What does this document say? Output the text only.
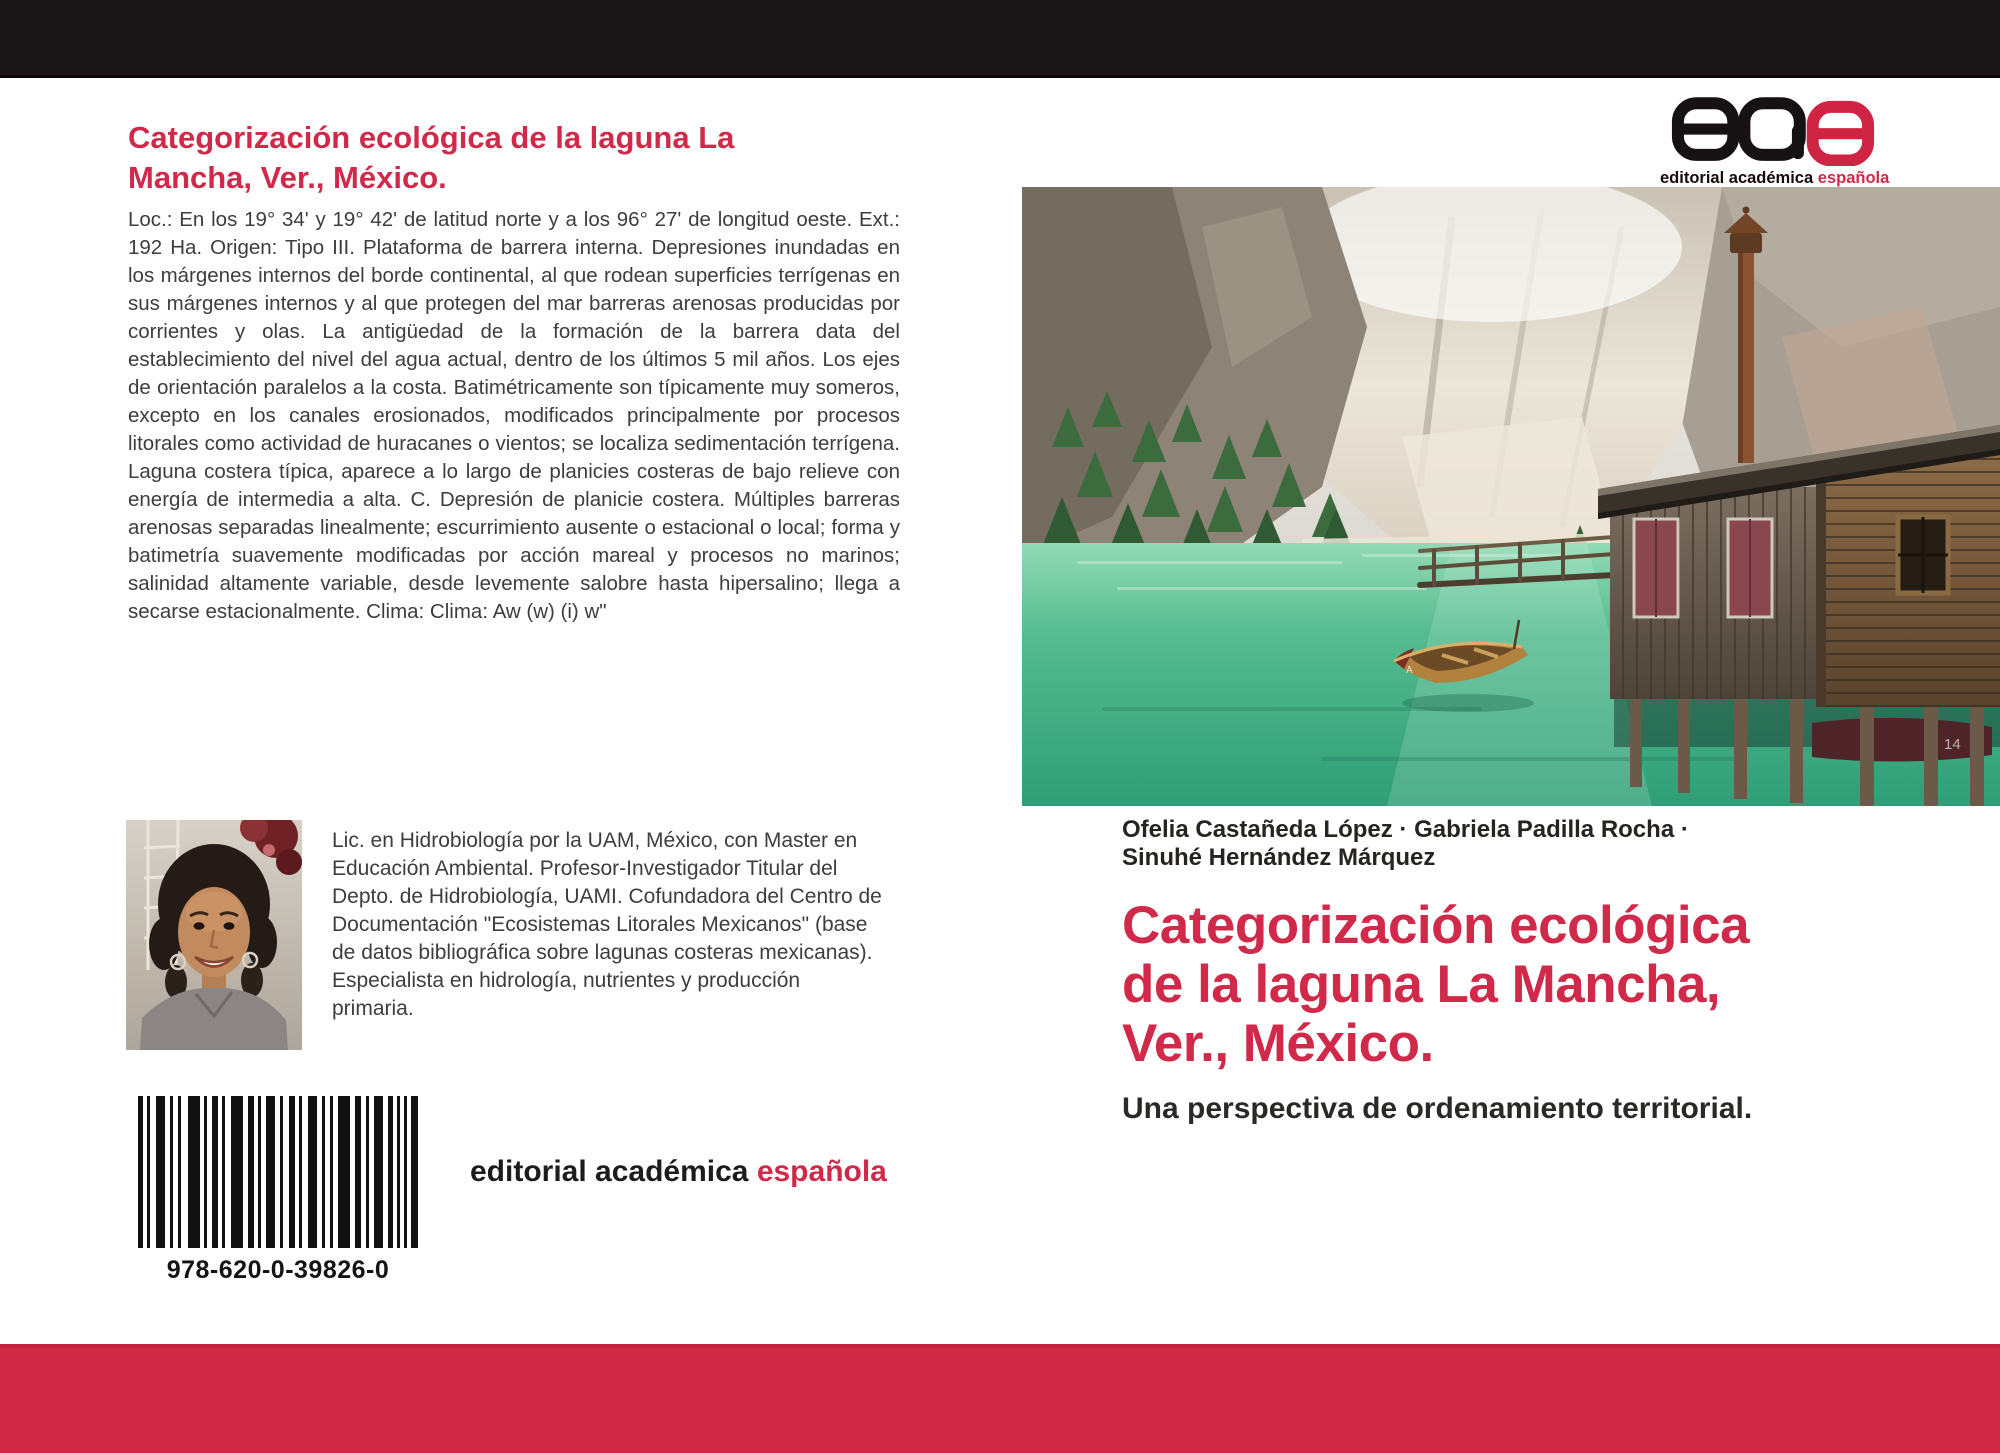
Categorización ecológica de la laguna La Mancha, Ver., México.
Loc.: En los 19° 34' y 19° 42' de latitud norte y a los 96° 27' de longitud oeste. Ext.: 192 Ha. Origen: Tipo III. Plataforma de barrera interna. Depresiones inundadas en los márgenes internos del borde continental, al que rodean superficies terrígenas en sus márgenes internos y al que protegen del mar barreras arenosas producidas por corrientes y olas. La antigüedad de la formación de la barrera data del establecimiento del nivel del agua actual, dentro de los últimos 5 mil años. Los ejes de orientación paralelos a la costa. Batimétricamente son típicamente muy someros, excepto en los canales erosionados, modificados principalmente por procesos litorales como actividad de huracanes o vientos; se localiza sedimentación terrígena. Laguna costera típica, aparece a lo largo de planicies costeras de bajo relieve con energía de intermedia a alta. C. Depresión de planicie costera. Múltiples barreras arenosas separadas linealmente; escurrimiento ausente o estacional o local; forma y batimetría suavemente modificadas por acción mareal y procesos no marinos; salinidad altamente variable, desde levemente salobre hasta hipersalino; llega a secarse estacionalmente. Clima: Clima: Aw (w) (i) w"
Lic. en Hidrobiología por la UAM, México, con Master en Educación Ambiental. Profesor-Investigador Titular del Depto. de Hidrobiología, UAMI. Cofundadora del Centro de Documentación "Ecosistemas Litorales Mexicanos" (base de datos bibliográfica sobre lagunas costeras mexicanas). Especialista en hidrología, nutrientes y producción primaria.
978-620-0-39826-0
editorial académica española
editorial académica española
14
A
Ofelia Castañeda López · Gabriela Padilla Rocha ·
Sinuhé Hernández Márquez
Categorización ecológica
de la laguna La Mancha,
Ver., México.
Una perspectiva de ordenamiento territorial.
